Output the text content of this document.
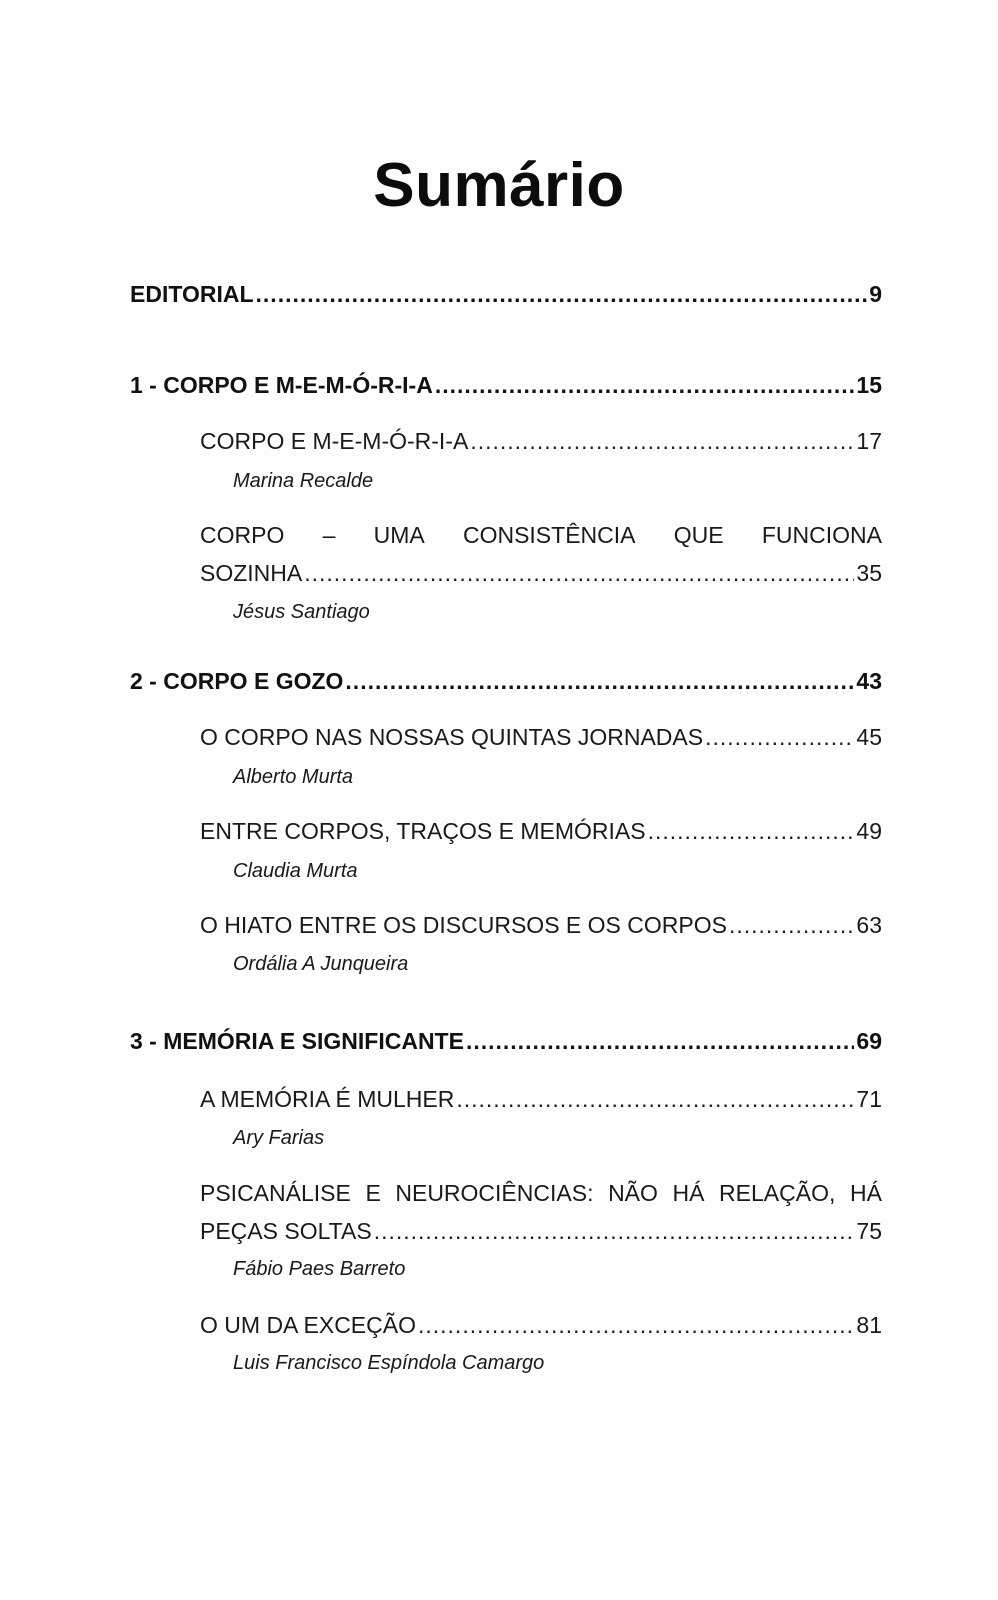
Sumário
EDITORIAL .....	9
1 - CORPO E M-E-M-Ó-R-I-A .....	15
CORPO E M-E-M-Ó-R-I-A .....	17
Marina Recalde
CORPO – UMA CONSISTÊNCIA QUE FUNCIONA
SOZINHA .....	35
Jésus Santiago
2 - CORPO E GOZO .....	43
O CORPO NAS NOSSAS QUINTAS JORNADAS .....	45
Alberto Murta
ENTRE CORPOS, TRAÇOS E MEMÓRIAS .....	49
Claudia Murta
O HIATO ENTRE OS DISCURSOS E OS CORPOS .....	63
Ordália A Junqueira
3 - MEMÓRIA E SIGNIFICANTE .....	69
A MEMÓRIA É MULHER .....	71
Ary Farias
PSICANÁLISE E NEUROCIÊNCIAS: NÃO HÁ RELAÇÃO, HÁ
PEÇAS SOLTAS .....	75
Fábio Paes Barreto
O UM DA EXCEÇÃO .....	81
Luis Francisco Espíndola Camargo
